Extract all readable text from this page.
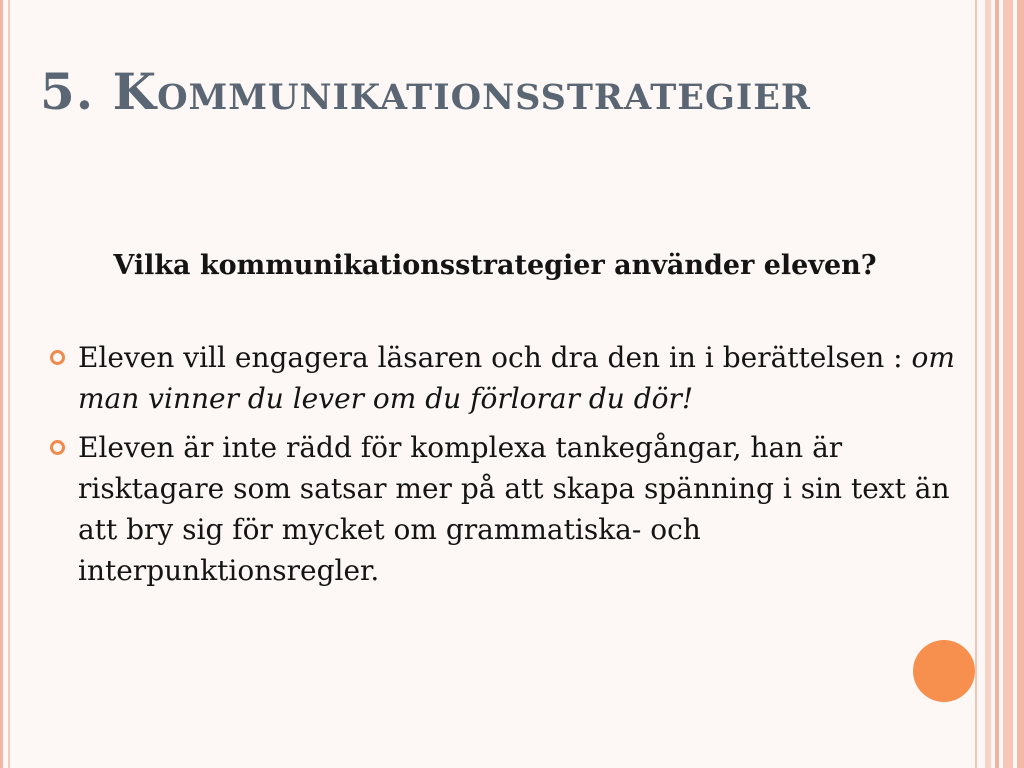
5. Kommunikationsstrategier
Vilka kommunikationsstrategier använder eleven?
Eleven vill engagera läsaren och dra den in i berättelsen : om man vinner du lever om du förlorar du dör!
Eleven är inte rädd för komplexa tankegångar, han är risktagare som satsar mer på att skapa spänning i sin text än att bry sig för mycket om grammatiska- och interpunktionsregler.
